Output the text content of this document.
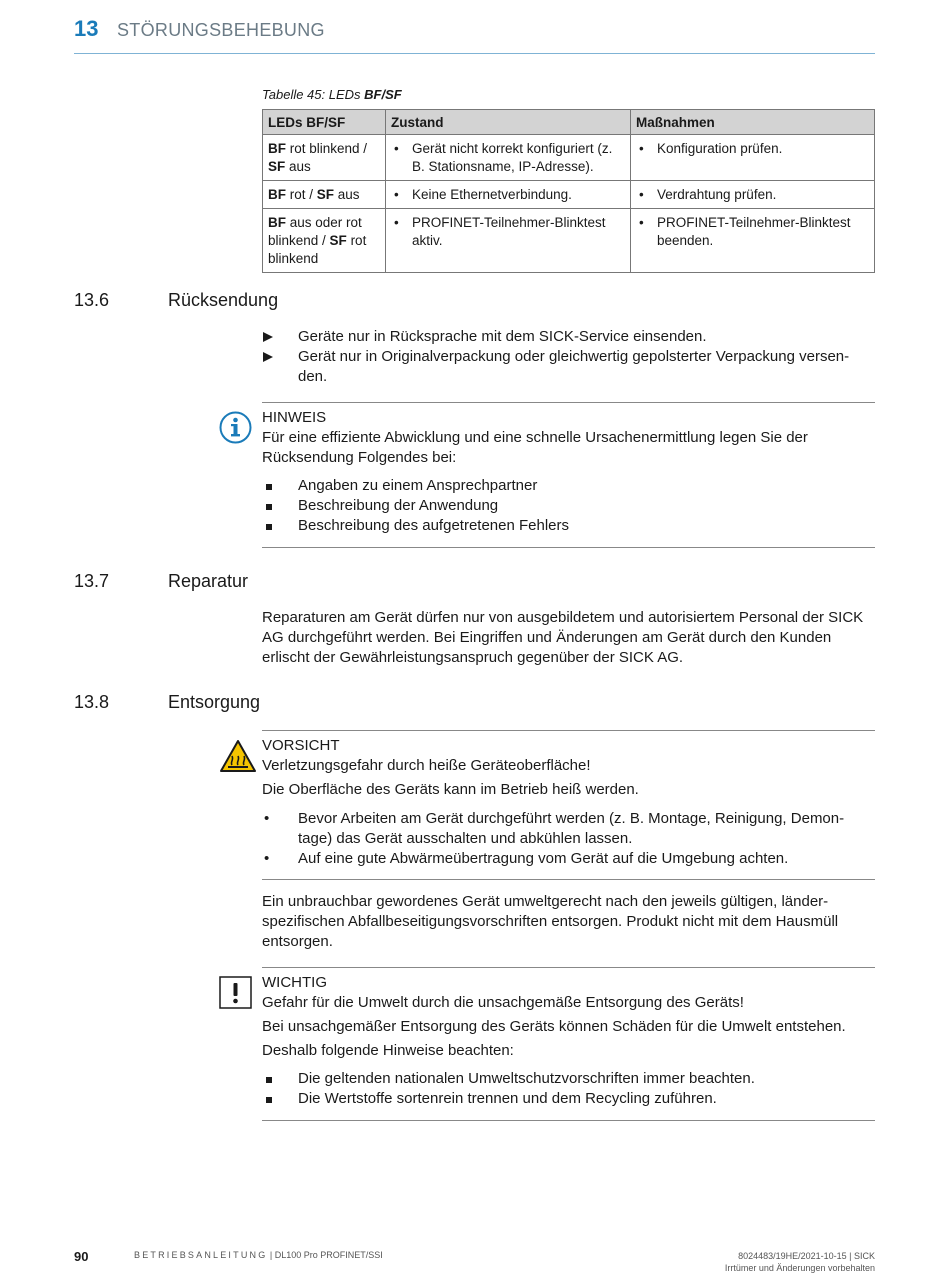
13 STÖRUNGSBEHEBUNG
Tabelle 45: LEDs BF/SF
LEDs BF/SF	Zustand	Maßnahmen
BF rot blinkend / SF aus	• Gerät nicht korrekt konfiguriert (z. B. Stationsname, IP-Adresse).	• Konfiguration prüfen.

BF rot / SF aus	• Keine Ethernetverbindung.	• Verdrahtung prüfen.

BF aus oder rot blinkend / SF rot blinkend	• PROFINET-Teilnehmer-Blinktest aktiv.	• PROFINET-Teilnehmer-Blinktest beenden.
13.6	Rücksendung
Geräte nur in Rücksprache mit dem SICK-Service einsenden.
Gerät nur in Originalverpackung oder gleichwertig gepolsterter Verpackung versen-den.
HINWEIS
Für eine effiziente Abwicklung und eine schnelle Ursachenermittlung legen Sie der Rücksendung Folgendes bei:
Angaben zu einem Ansprechpartner
Beschreibung der Anwendung
Beschreibung des aufgetretenen Fehlers
13.7	Reparatur
Reparaturen am Gerät dürfen nur von ausgebildetem und autorisiertem Personal der SICK AG durchgeführt werden. Bei Eingriffen und Änderungen am Gerät durch den Kunden erlischt der Gewährleistungsanspruch gegenüber der SICK AG.
13.8	Entsorgung
VORSICHT
Verletzungsgefahr durch heiße Geräteoberfläche!
Die Oberfläche des Geräts kann im Betrieb heiß werden.
• Bevor Arbeiten am Gerät durchgeführt werden (z. B. Montage, Reinigung, Demon-tage) das Gerät ausschalten und abkühlen lassen.
• Auf eine gute Abwärmeübertragung vom Gerät auf die Umgebung achten.
Ein unbrauchbar gewordenes Gerät umweltgerecht nach den jeweils gültigen, länder-spezifischen Abfallbeseitigungsvorschriften entsorgen. Produkt nicht mit dem Hausmüll entsorgen.
WICHTIG
Gefahr für die Umwelt durch die unsachgemäße Entsorgung des Geräts!
Bei unsachgemäßer Entsorgung des Geräts können Schäden für die Umwelt entstehen.
Deshalb folgende Hinweise beachten:
Die geltenden nationalen Umweltschutzvorschriften immer beachten.
Die Wertstoffe sortenrein trennen und dem Recycling zuführen.
90	BETRIEBSANLEITUNG | DL100 Pro PROFINET/SSI	8024483/19HE/2021-10-15 | SICK
Irrtümer und Änderungen vorbehalten
